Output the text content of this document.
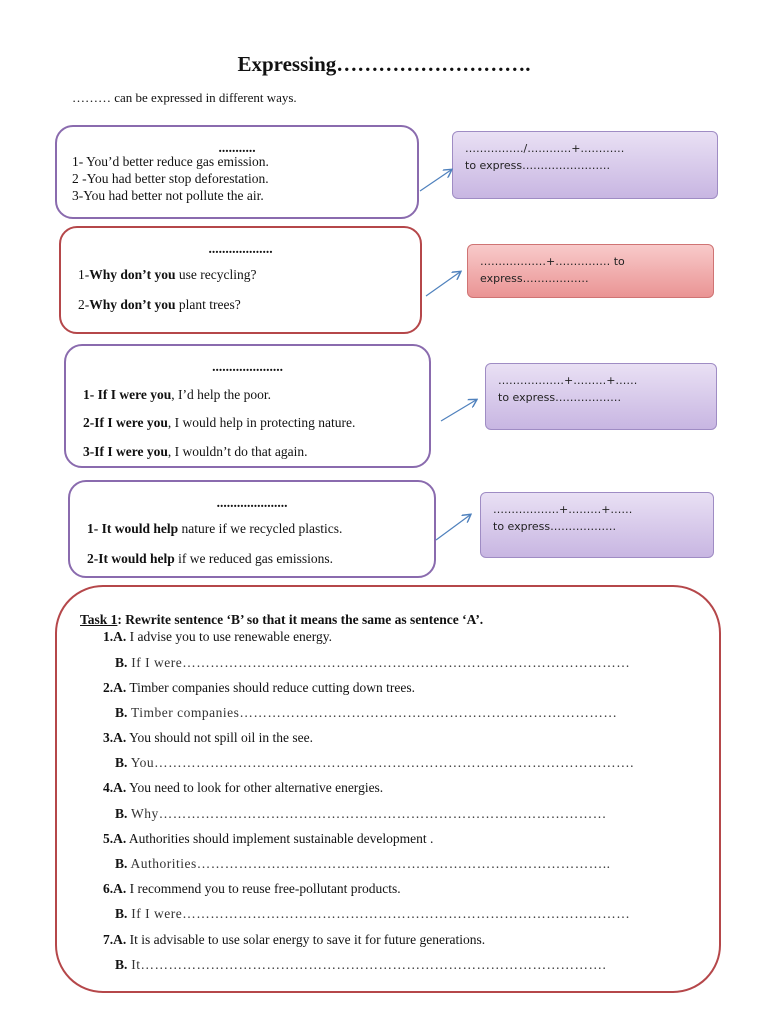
Expressing……………………….
……… can be expressed in different ways.
...........
1- You’d better reduce gas emission.
2 -You had better stop deforestation.
3-You had better not pollute the air.
……………./…………+…………
to express……………………
...................
1-Why don’t you use recycling?
2-Why don’t you plant trees?
………………+…………… to
express………………
.....................
1- If I were you, I’d help the poor.
2-If I were you, I would help in protecting nature.
3-If I were you, I wouldn’t do that again.
………………+………+……
to express………………
.....................
1- It would help nature if we recycled plastics.
2-It would help if we reduced gas emissions.
………………+………+……
to express………………
Task 1: Rewrite sentence ‘B’ so that it means the same as sentence ‘A’.
1.A. I advise you to use renewable energy.
B. If I were……………………………………………………………………………………
2.A. Timber companies should reduce cutting down trees.
B. Timber companies………………………………………………………………………
3.A. You should not spill oil in the see.
B. You………………………………………………………………………………………….
4.A. You need to look for other alternative energies.
B. Why……………………………………………………………………………………
5.A. Authorities should implement sustainable development .
B. Authorities……………………………………………………………………………..
6.A. I recommend you to reuse free-pollutant products.
B. If I were……………………………………………………………………………………
7.A. It is advisable to use solar energy to save it for future generations.
B. It……………………………………………………………………………………….
